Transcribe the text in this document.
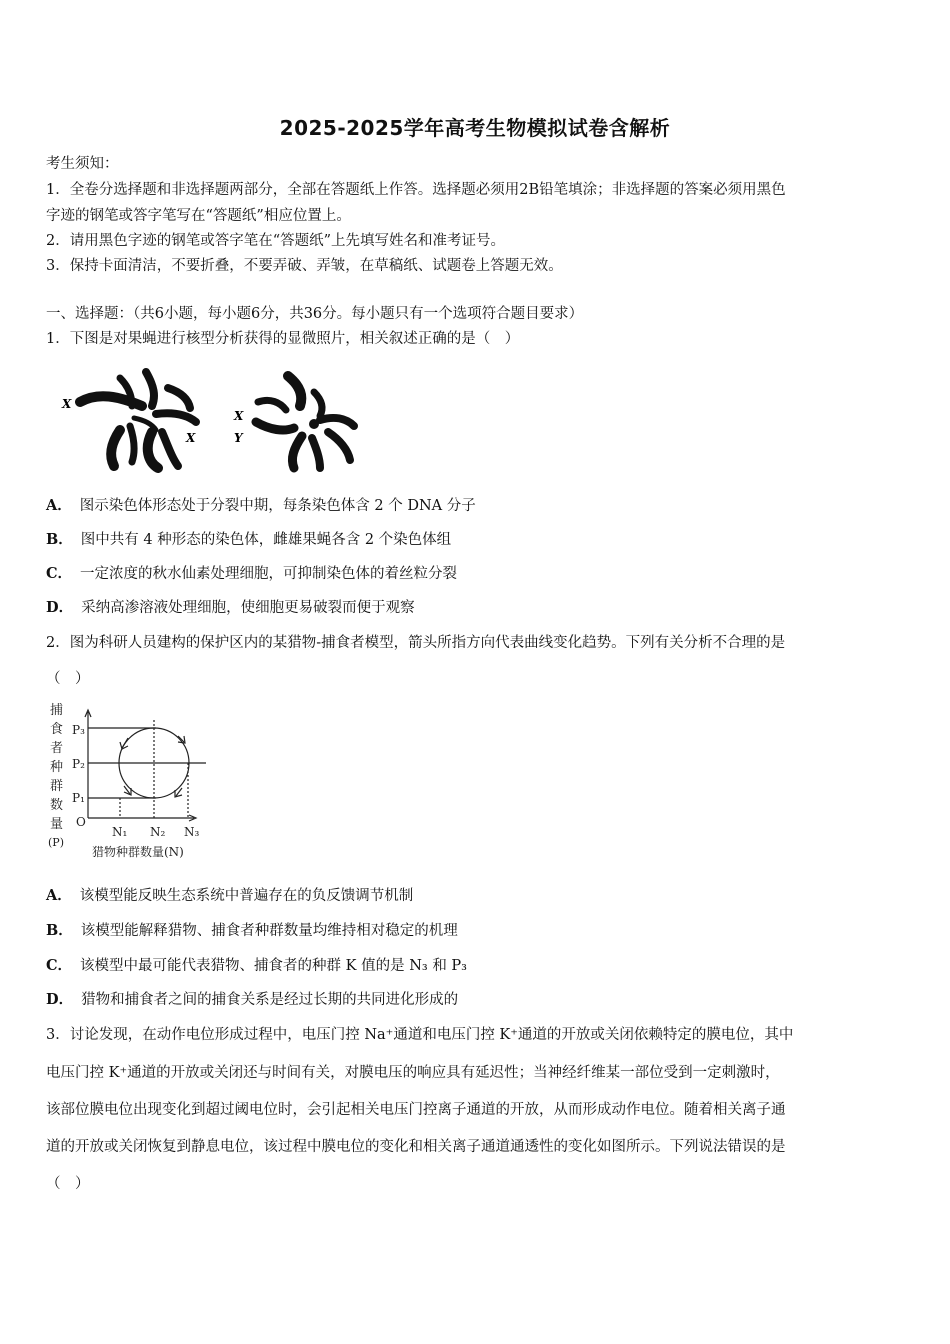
2025-2025学年高考生物模拟试卷含解析
考生须知：
1．全卷分选择题和非选择题两部分，全部在答题纸上作答。选择题必须用2B铅笔填涂；非选择题的答案必须用黑色
字迹的钢笔或答字笔写在“答题纸”相应位置上。
2．请用黑色字迹的钢笔或答字笔在“答题纸”上先填写姓名和准考证号。
3．保持卡面清洁，不要折叠，不要弄破、弄皱，在草稿纸、试题卷上答题无效。
一、选择题：（共6小题，每小题6分，共36分。每小题只有一个选项符合题目要求）
1．下图是对果蝇进行核型分析获得的显微照片，相关叙述正确的是（　）
X
X
X
Y
A． 图示染色体形态处于分裂中期，每条染色体含 2 个 DNA 分子
B． 图中共有 4 种形态的染色体，雌雄果蝇各含 2 个染色体组
C． 一定浓度的秋水仙素处理细胞，可抑制染色体的着丝粒分裂
D． 采纳高渗溶液处理细胞，使细胞更易破裂而便于观察
2．图为科研人员建构的保护区内的某猎物-捕食者模型，箭头所指方向代表曲线变化趋势。下列有关分析不合理的是
（　）
捕
食
者
种
群
数
量
(P)
P₃
P₂
P₁
O
N₁ N₂ N₃
猎物种群数量(N)
A． 该模型能反映生态系统中普遍存在的负反馈调节机制
B． 该模型能解释猎物、捕食者种群数量均维持相对稳定的机理
C． 该模型中最可能代表猎物、捕食者的种群 K 值的是 N₃ 和 P₃
D． 猎物和捕食者之间的捕食关系是经过长期的共同进化形成的
3．讨论发现，在动作电位形成过程中，电压门控 Na⁺通道和电压门控 K⁺通道的开放或关闭依赖特定的膜电位，其中
电压门控 K⁺通道的开放或关闭还与时间有关，对膜电压的响应具有延迟性；当神经纤维某一部位受到一定刺激时，
该部位膜电位出现变化到超过阈电位时，会引起相关电压门控离子通道的开放，从而形成动作电位。随着相关离子通
道的开放或关闭恢复到静息电位，该过程中膜电位的变化和相关离子通道通透性的变化如图所示。下列说法错误的是
（　）
